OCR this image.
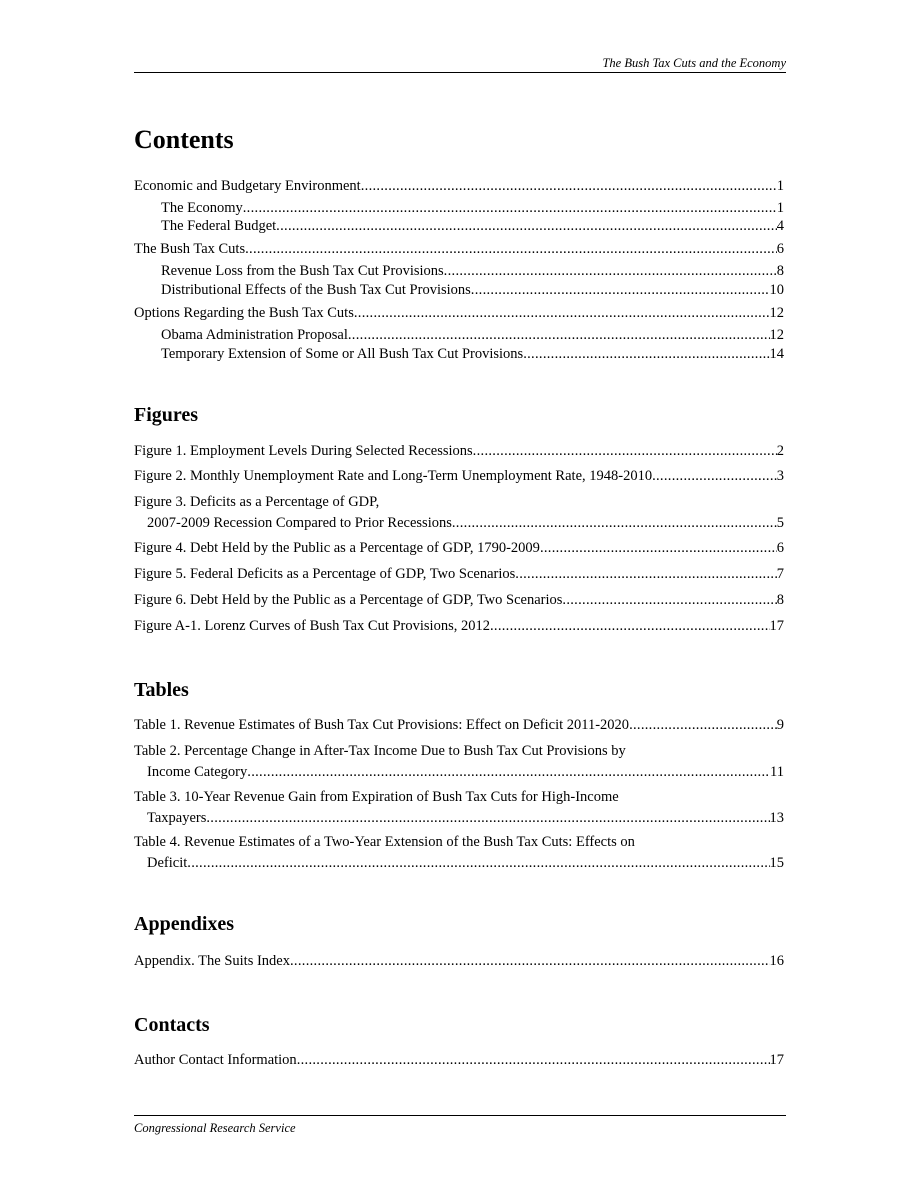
The Bush Tax Cuts and the Economy
Contents
Economic and Budgetary Environment .....	1
The Economy .....	1
The Federal Budget .....	4
The Bush Tax Cuts .....	6
Revenue Loss from the Bush Tax Cut Provisions .....	8
Distributional Effects of the Bush Tax Cut Provisions .....	10
Options Regarding the Bush Tax Cuts .....	12
Obama Administration Proposal .....	12
Temporary Extension of Some or All Bush Tax Cut Provisions .....	14
Figures
Figure 1. Employment Levels During Selected Recessions .....	2
Figure 2. Monthly Unemployment Rate and Long-Term Unemployment Rate, 1948-2010 .....	3
Figure 3. Deficits as a Percentage of GDP,
2007-2009 Recession Compared to Prior Recessions .....	5
Figure 4. Debt Held by the Public as a Percentage of GDP, 1790-2009 .....	6
Figure 5. Federal Deficits as a Percentage of GDP, Two Scenarios .....	7
Figure 6. Debt Held by the Public as a Percentage of GDP, Two Scenarios .....	8
Figure A-1. Lorenz Curves of Bush Tax Cut Provisions, 2012 .....	17
Tables
Table 1. Revenue Estimates of Bush Tax Cut Provisions: Effect on Deficit 2011-2020 .....	9
Table 2. Percentage Change in After-Tax Income Due to Bush Tax Cut Provisions by
Income Category .....	11
Table 3. 10-Year Revenue Gain from Expiration of Bush Tax Cuts for High-Income
Taxpayers .....	13
Table 4. Revenue Estimates of a Two-Year Extension of the Bush Tax Cuts: Effects on
Deficit .....	15
Appendixes
Appendix. The Suits Index .....	16
Contacts
Author Contact Information .....	17
Congressional Research Service
